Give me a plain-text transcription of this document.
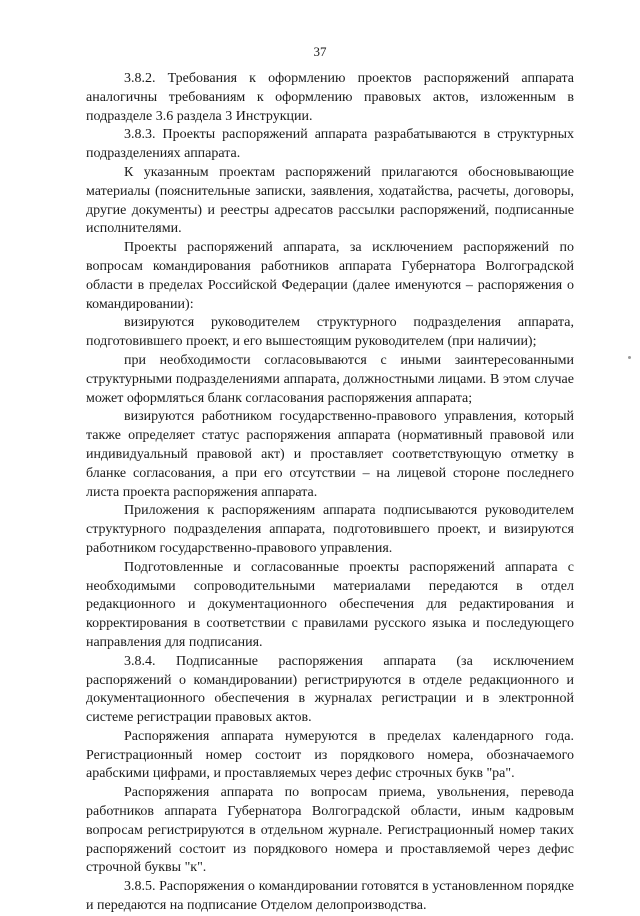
37

3.8.2. Требования к оформлению проектов распоряжений аппарата аналогичны требованиям к оформлению правовых актов, изложенным в подразделе 3.6 раздела 3 Инструкции.

3.8.3. Проекты распоряжений аппарата разрабатываются в структурных подразделениях аппарата.

К указанным проектам распоряжений прилагаются обосновывающие материалы (пояснительные записки, заявления, ходатайства, расчеты, договоры, другие документы) и реестры адресатов рассылки распоряжений, подписанные исполнителями.

Проекты распоряжений аппарата, за исключением распоряжений по вопросам командирования работников аппарата Губернатора Волгоградской области в пределах Российской Федерации (далее именуются – распоряжения о командировании):

визируются руководителем структурного подразделения аппарата, подготовившего проект, и его вышестоящим руководителем (при наличии);

при необходимости согласовываются с иными заинтересованными структурными подразделениями аппарата, должностными лицами. В этом случае может оформляться бланк согласования распоряжения аппарата;

визируются работником государственно-правового управления, который также определяет статус распоряжения аппарата (нормативный правовой или индивидуальный правовой акт) и проставляет соответствующую отметку в бланке согласования, а при его отсутствии – на лицевой стороне последнего листа проекта распоряжения аппарата.

Приложения к распоряжениям аппарата подписываются руководителем структурного подразделения аппарата, подготовившего проект, и визируются работником государственно-правового управления.

Подготовленные и согласованные проекты распоряжений аппарата с необходимыми сопроводительными материалами передаются в отдел редакционного и документационного обеспечения для редактирования и корректирования в соответствии с правилами русского языка и последующего направления для подписания.

3.8.4. Подписанные распоряжения аппарата (за исключением распоряжений о командировании) регистрируются в отделе редакционного и документационного обеспечения в журналах регистрации и в электронной системе регистрации правовых актов.

Распоряжения аппарата нумеруются в пределах календарного года. Регистрационный номер состоит из порядкового номера, обозначаемого арабскими цифрами, и проставляемых через дефис строчных букв "ра".

Распоряжения аппарата по вопросам приема, увольнения, перевода работников аппарата Губернатора Волгоградской области, иным кадровым вопросам регистрируются в отдельном журнале. Регистрационный номер таких распоряжений состоит из порядкового номера и проставляемой через дефис строчной буквы "к".

3.8.5. Распоряжения о командировании готовятся в установленном порядке и передаются на подписание Отделом делопроизводства.
